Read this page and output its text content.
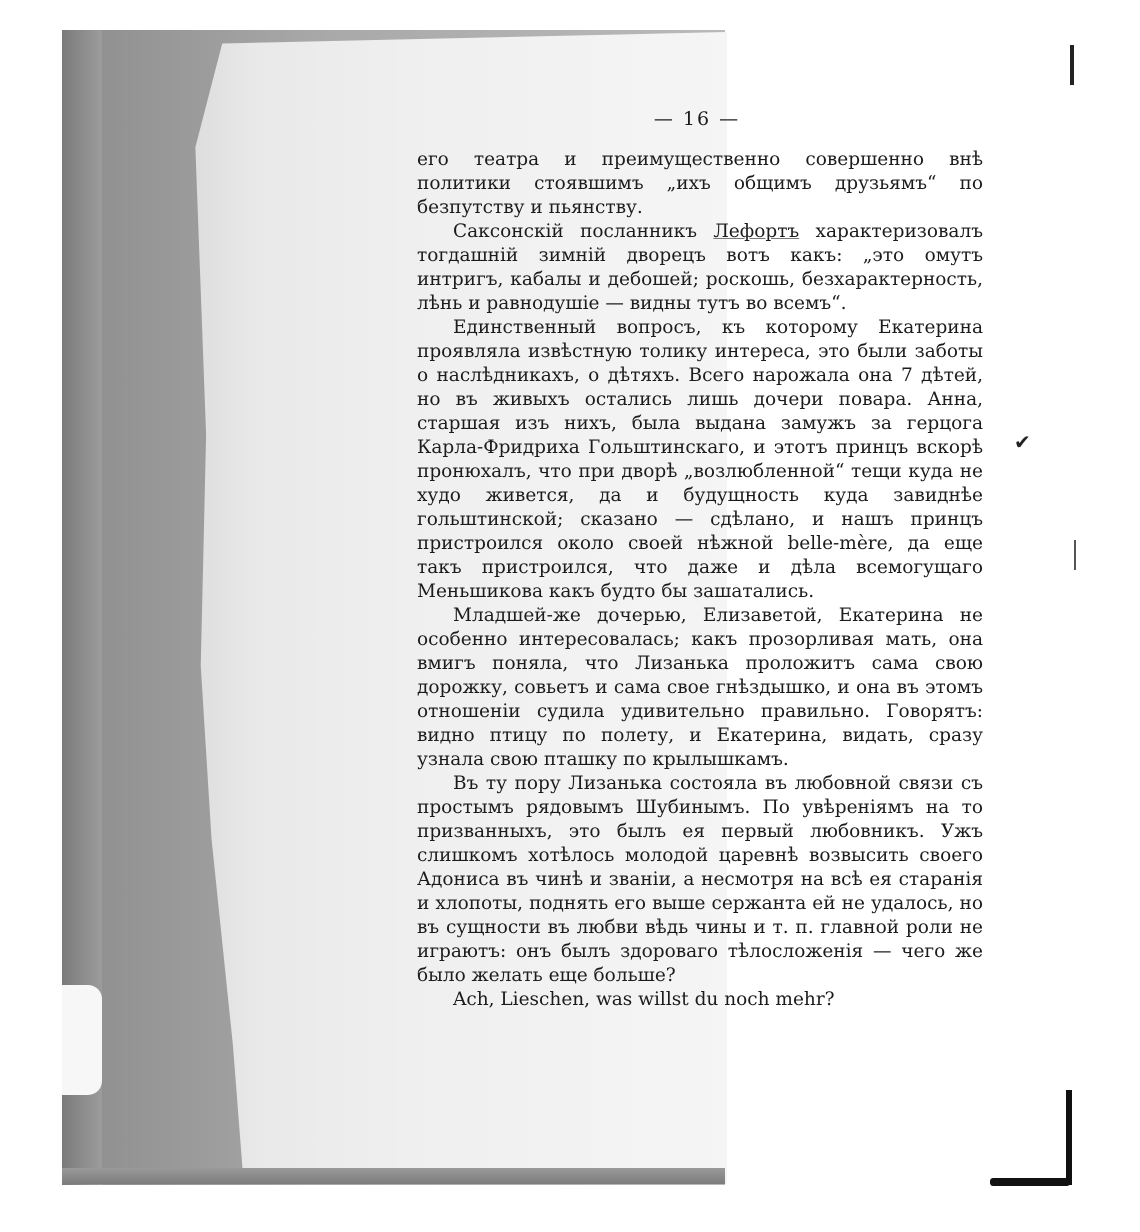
✔
— 16 —

его театра и преимущественно совершенно внѣ политики стоявшимъ „ихъ общимъ друзьямъ“ по безпутству и пьянству.

Саксонскій посланникъ Лефортъ характеризовалъ тогдашній зимній дворецъ вотъ какъ: „это омутъ интригъ, кабалы и дебошей; роскошь, безхарактерность, лѣнь и равнодушіе — видны тутъ во всемъ“.

Единственный вопросъ, къ которому Екатерина проявляла извѣстную толику интереса, это были заботы о наслѣдникахъ, о дѣтяхъ. Всего нарожала она 7 дѣтей, но въ живыхъ остались лишь дочери повара. Анна, старшая изъ нихъ, была выдана замужъ за герцога Карла-Фридриха Гольштинскаго, и этотъ принцъ вскорѣ пронюхалъ, что при дворѣ „возлюбленной“ тещи куда не худо живется, да и будущность куда завиднѣе гольштинской; сказано — сдѣлано, и нашъ принцъ пристроился около своей нѣжной belle-mère, да еще такъ пристроился, что даже и дѣла всемогущаго Меньшикова какъ будто бы зашатались.

Младшей-же дочерью, Елизаветой, Екатерина не особенно интересовалась; какъ прозорливая мать, она вмигъ поняла, что Лизанька проложитъ сама свою дорожку, совьетъ и сама свое гнѣздышко, и она въ этомъ отношеніи судила удивительно правильно. Говорятъ: видно птицу по полету, и Екатерина, видать, сразу узнала свою пташку по крылышкамъ.

Въ ту пору Лизанька состояла въ любовной связи съ простымъ рядовымъ Шубинымъ. По увѣреніямъ на то призванныхъ, это былъ ея первый любовникъ. Ужъ слишкомъ хотѣлось молодой царевнѣ возвысить своего Адониса въ чинѣ и званіи, а несмотря на всѣ ея старанія и хлопоты, поднять его выше сержанта ей не удалось, но въ сущности въ любви вѣдь чины и т. п. главной роли не играютъ: онъ былъ здороваго тѣлосложенія — чего же было желать еще больше?

Ach, Lieschen, was willst du noch mehr?
